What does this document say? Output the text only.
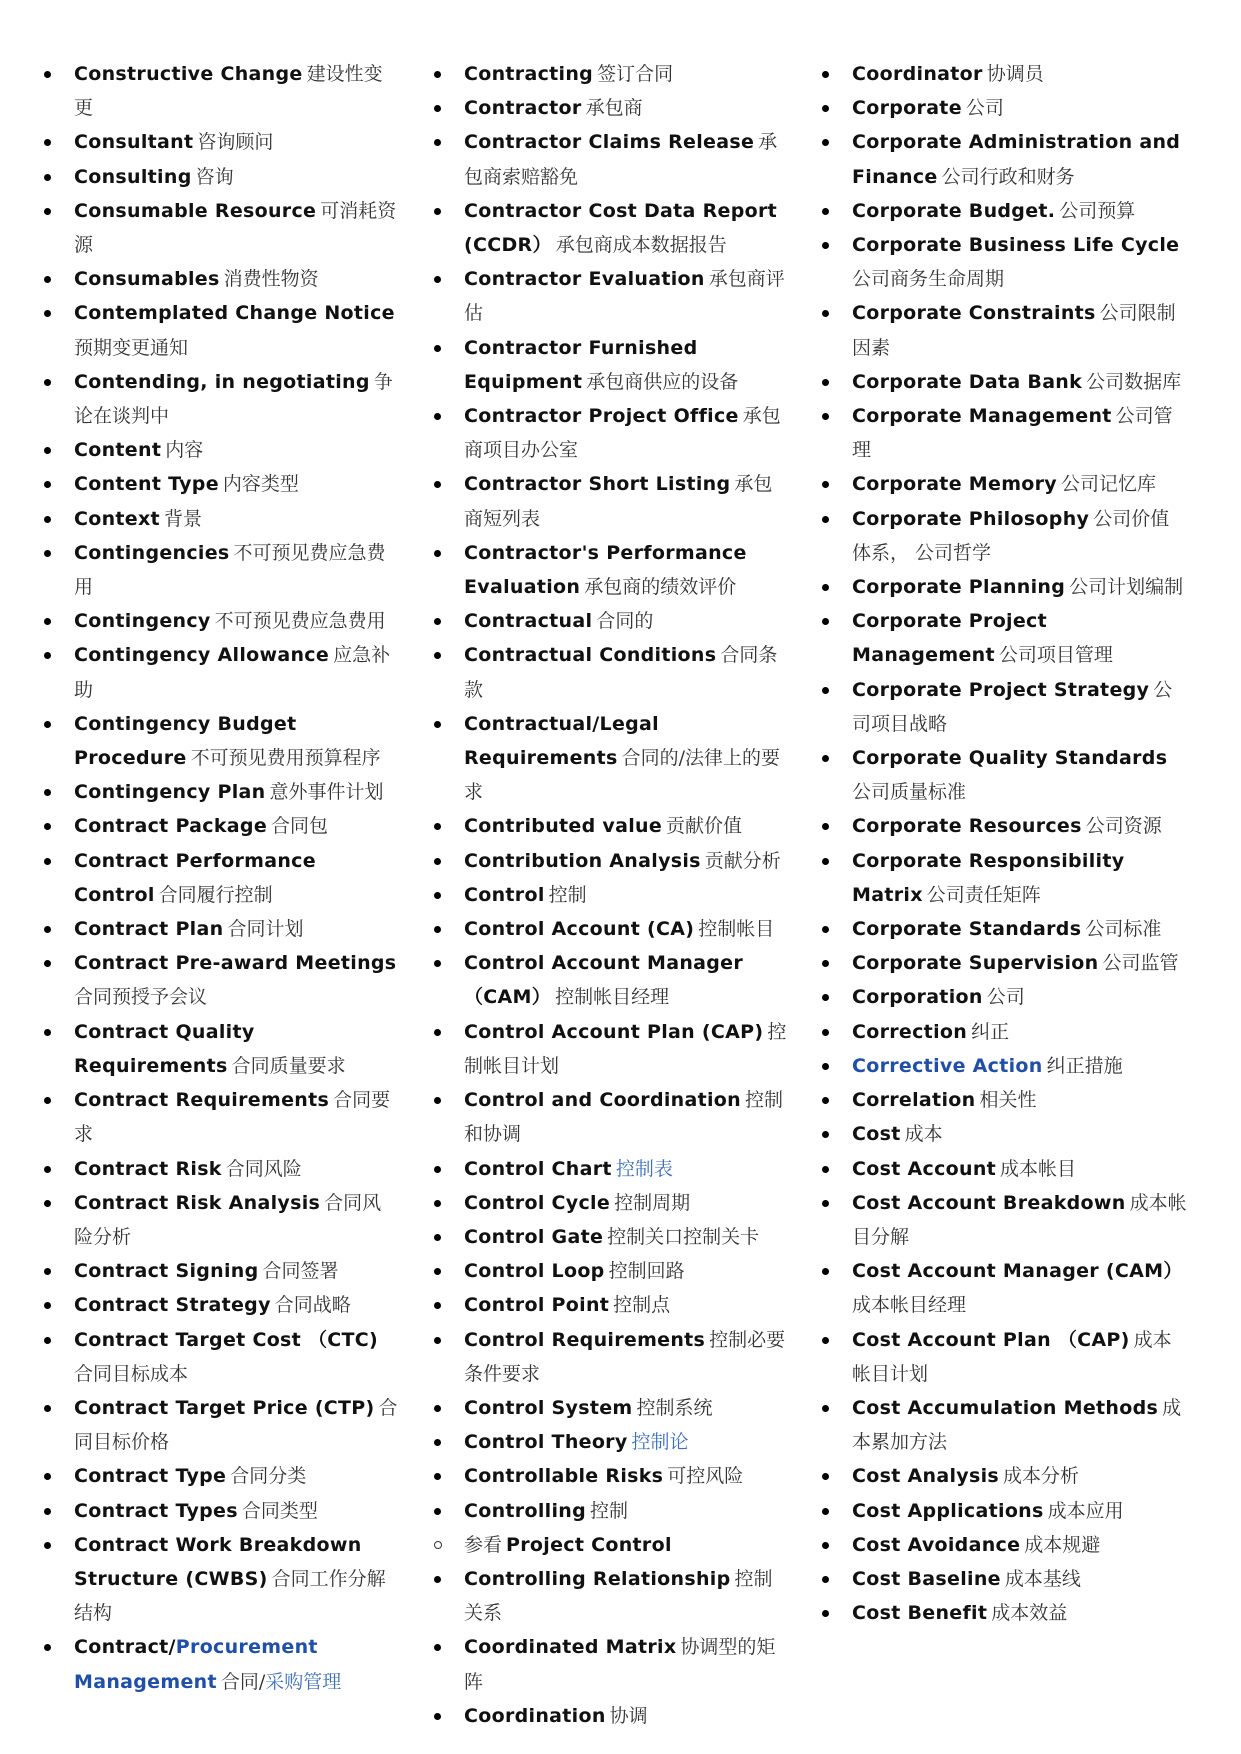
Constructive Change 建设性变更
Consultant 咨询顾问
Consulting 咨询
Consumable Resource 可消耗资源
Consumables 消费性物资
Contemplated Change Notice 预期变更通知
Contending, in negotiating 争论在谈判中
Content 内容
Content Type 内容类型
Context 背景
Contingencies 不可预见费应急费用
Contingency 不可预见费应急费用
Contingency Allowance 应急补助
Contingency Budget Procedure 不可预见费用预算程序
Contingency Plan 意外事件计划
Contract Package 合同包
Contract Performance Control 合同履行控制
Contract Plan 合同计划
Contract Pre-award Meetings 合同预授予会议
Contract Quality Requirements 合同质量要求
Contract Requirements 合同要求
Contract Risk 合同风险
Contract Risk Analysis 合同风险分析
Contract Signing 合同签署
Contract Strategy 合同战略
Contract Target Cost （CTC) 合同目标成本
Contract Target Price (CTP) 合同目标价格
Contract Type 合同分类
Contract Types 合同类型
Contract Work Breakdown Structure (CWBS) 合同工作分解结构
Contract/Procurement Management 合同/采购管理
Contracting 签订合同
Contractor 承包商
Contractor Claims Release 承包商索赔豁免
Contractor Cost Data Report (CCDR） 承包商成本数据报告
Contractor Evaluation 承包商评估
Contractor Furnished Equipment 承包商供应的设备
Contractor Project Office 承包商项目办公室
Contractor Short Listing 承包商短列表
Contractor's Performance Evaluation 承包商的绩效评价
Contractual 合同的
Contractual Conditions 合同条款
Contractual/Legal Requirements 合同的/法律上的要求
Contributed value 贡献价值
Contribution Analysis 贡献分析
Control 控制
Control Account (CA) 控制帐目
Control Account Manager （CAM） 控制帐目经理
Control Account Plan (CAP) 控制帐目计划
Control and Coordination 控制和协调
Control Chart 控制表
Control Cycle 控制周期
Control Gate 控制关口控制关卡
Control Loop 控制回路
Control Point 控制点
Control Requirements 控制必要条件要求
Control System 控制系统
Control Theory 控制论
Controllable Risks 可控风险
Controlling 控制
参看 Project Control
Controlling Relationship 控制关系
Coordinated Matrix 协调型的矩阵
Coordination 协调
Coordinator 协调员
Corporate 公司
Corporate Administration and Finance 公司行政和财务
Corporate Budget. 公司预算
Corporate Business Life Cycle 公司商务生命周期
Corporate Constraints 公司限制因素
Corporate Data Bank 公司数据库
Corporate Management 公司管理
Corporate Memory 公司记忆库
Corporate Philosophy 公司价值体系， 公司哲学
Corporate Planning 公司计划编制
Corporate Project Management 公司项目管理
Corporate Project Strategy 公司项目战略
Corporate Quality Standards 公司质量标准
Corporate Resources 公司资源
Corporate Responsibility Matrix 公司责任矩阵
Corporate Standards 公司标准
Corporate Supervision 公司监管
Corporation 公司
Correction 纠正
Corrective Action 纠正措施
Correlation 相关性
Cost 成本
Cost Account 成本帐目
Cost Account Breakdown 成本帐目分解
Cost Account Manager (CAM） 成本帐目经理
Cost Account Plan （CAP) 成本帐目计划
Cost Accumulation Methods 成本累加方法
Cost Analysis 成本分析
Cost Applications 成本应用
Cost Avoidance 成本规避
Cost Baseline 成本基线
Cost Benefit 成本效益
